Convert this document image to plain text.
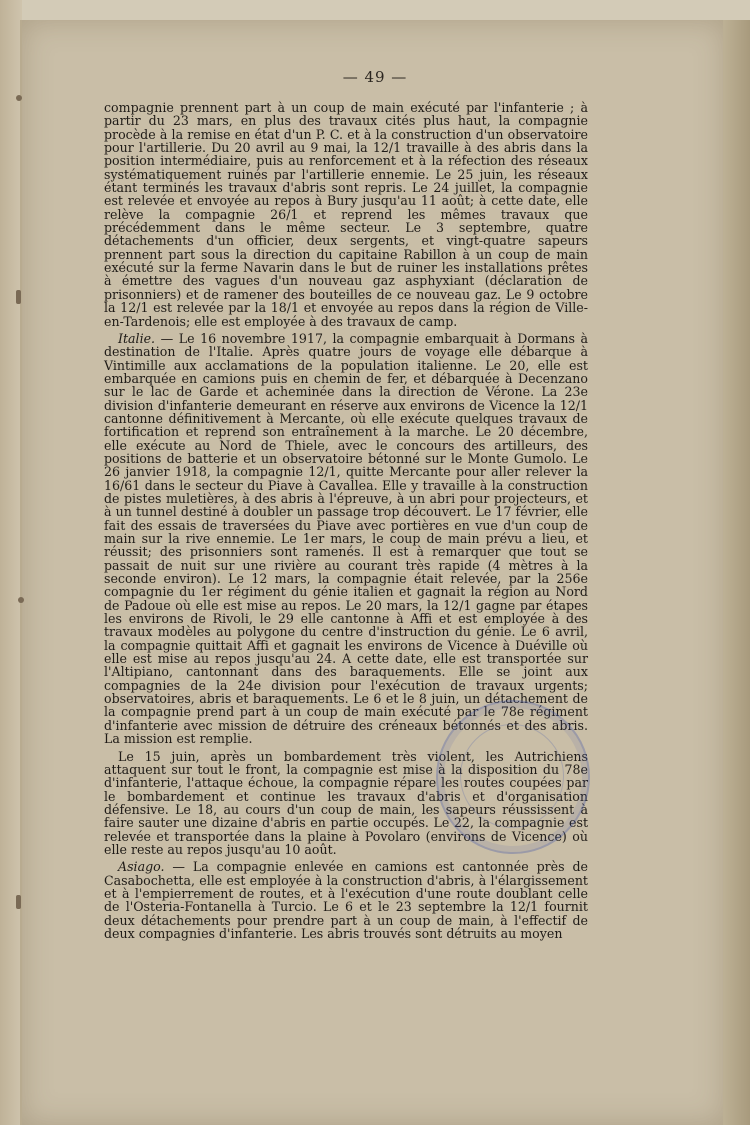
— 49 —

compagnie prennent part à un coup de main exécuté par l'infanterie ; à partir du 23 mars, en plus des travaux cités plus haut, la compagnie procède à la remise en état d'un P. C. et à la construction d'un observatoire pour l'artillerie. Du 20 avril au 9 mai, la 12/1 travaille à des abris dans la position intermédiaire, puis au renforcement et à la réfection des réseaux systématiquement ruinés par l'artillerie ennemie. Le 25 juin, les réseaux étant terminés les travaux d'abris sont repris. Le 24 juillet, la compagnie est relevée et envoyée au repos à Bury jusqu'au 11 août; à cette date, elle relève la compagnie 26/1 et reprend les mêmes travaux que précédemment dans le même secteur. Le 3 septembre, quatre détachements d'un officier, deux sergents, et vingt-quatre sapeurs prennent part sous la direction du capitaine Rabillon à un coup de main exécuté sur la ferme Navarin dans le but de ruiner les installations prêtes à émettre des vagues d'un nouveau gaz asphyxiant (déclaration de prisonniers) et de ramener des bouteilles de ce nouveau gaz. Le 9 octobre la 12/1 est relevée par la 18/1 et envoyée au repos dans la région de Ville-en-Tardenois; elle est employée à des travaux de camp.

Italie. — Le 16 novembre 1917, la compagnie embarquait à Dormans à destination de l'Italie. Après quatre jours de voyage elle débarque à Vintimille aux acclamations de la population italienne. Le 20, elle est embarquée en camions puis en chemin de fer, et débarquée à Decenzano sur le lac de Garde et acheminée dans la direction de Vérone. La 23e division d'infanterie demeurant en réserve aux environs de Vicence la 12/1 cantonne définitivement à Mercante, où elle exécute quelques travaux de fortification et reprend son entraînement à la marche. Le 20 décembre, elle exécute au Nord de Thiele, avec le concours des artilleurs, des positions de batterie et un observatoire bétonné sur le Monte Gumolo. Le 26 janvier 1918, la compagnie 12/1, quitte Mercante pour aller relever la 16/61 dans le secteur du Piave à Cavallea. Elle y travaille à la construction de pistes muletières, à des abris à l'épreuve, à un abri pour projecteurs, et à un tunnel destiné à doubler un passage trop découvert. Le 17 février, elle fait des essais de traversées du Piave avec portières en vue d'un coup de main sur la rive ennemie. Le 1er mars, le coup de main prévu a lieu, et réussit; des prisonniers sont ramenés. Il est à remarquer que tout se passait de nuit sur une rivière au courant très rapide (4 mètres à la seconde environ). Le 12 mars, la compagnie était relevée, par la 256e compagnie du 1er régiment du génie italien et gagnait la région au Nord de Padoue où elle est mise au repos. Le 20 mars, la 12/1 gagne par étapes les environs de Rivoli, le 29 elle cantonne à Affi et est employée à des travaux modèles au polygone du centre d'instruction du génie. Le 6 avril, la compagnie quittait Affi et gagnait les environs de Vicence à Duéville où elle est mise au repos jusqu'au 24. A cette date, elle est transportée sur l'Altipiano, cantonnant dans des baraquements. Elle se joint aux compagnies de la 24e division pour l'exécution de travaux urgents; observatoires, abris et baraquements. Le 6 et le 8 juin, un détachement de la compagnie prend part à un coup de main exécuté par le 78e régiment d'infanterie avec mission de détruire des créneaux bétonnés et des abris. La mission est remplie.

Le 15 juin, après un bombardement très violent, les Autrichiens attaquent sur tout le front, la compagnie est mise à la disposition du 78e d'infanterie, l'attaque échoue, la compagnie répare les routes coupées par le bombardement et continue les travaux d'abris et d'organisation défensive. Le 18, au cours d'un coup de main, les sapeurs réussissent à faire sauter une dizaine d'abris en partie occupés. Le 22, la compagnie est relevée et transportée dans la plaine à Povolaro (environs de Vicence) où elle reste au repos jusqu'au 10 août.

Asiago. — La compagnie enlevée en camions est cantonnée près de Casabochetta, elle est employée à la construction d'abris, à l'élargissement et à l'empierrement de routes, et à l'exécution d'une route doublant celle de l'Osteria-Fontanella à Turcio. Le 6 et le 23 septembre la 12/1 fournit deux détachements pour prendre part à un coup de main, à l'effectif de deux compagnies d'infanterie. Les abris trouvés sont détruits au moyen
